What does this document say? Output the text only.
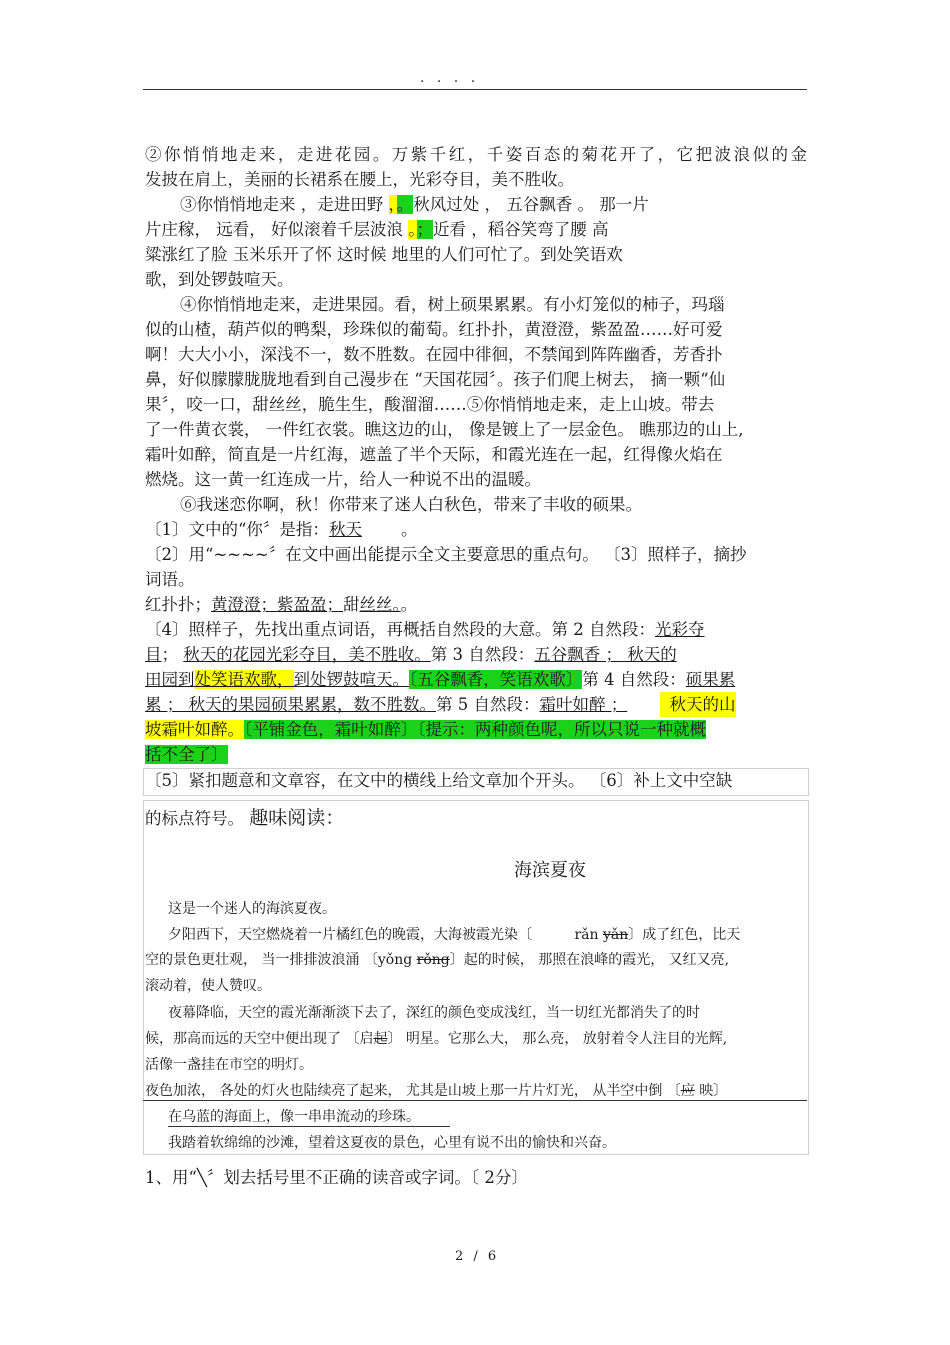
. . . .
②你悄悄地走来，走进花园。万紫千红，千姿百态的菊花开了，它把波浪似的金
发披在肩上，美丽的长裙系在腰上，光彩夺目，美不胜收。
③你悄悄地走来 ，走进田野 ，。秋风过处 ， 五谷飘香 。 那一片
片庄稼， 远看， 好似滚着千层波浪 。；近看 ，稻谷笑弯了腰 高
粱涨红了脸 玉米乐开了怀 这时候 地里的人们可忙了。到处笑语欢
歌，到处锣鼓喧天。
④你悄悄地走来，走进果园。看，树上硕果累累。有小灯笼似的柿子，玛瑙
似的山楂，葫芦似的鸭梨，珍珠似的葡萄。红扑扑，黄澄澄，紫盈盈……好可爱
啊！大大小小，深浅不一，数不胜数。在园中徘徊，不禁闻到阵阵幽香，芳香扑
鼻，好似朦朦胧胧地看到自己漫步在 “天国花园〞。孩子们爬上树去， 摘一颗“仙
果〞，咬一口，甜丝丝，脆生生，酸溜溜……⑤你悄悄地走来，走上山坡。带去
了一件黄衣裳， 一件红衣裳。瞧这边的山， 像是镀上了一层金色。 瞧那边的山上,
霜叶如醉，简直是一片红海，遮盖了半个天际，和霞光连在一起，红得像火焰在
燃烧。这一黄一红连成一片，给人一种说不出的温暖。
⑥我迷恋你啊，秋！你带来了迷人白秋色，带来了丰收的硕果。
〔1〕文中的“你〞是指：秋天 。
〔2〕用“~~~~〞在文中画出能提示全文主要意思的重点句。 〔3〕照样子，摘抄
词语。
红扑扑；黄澄澄；紫盈盈；甜丝丝。。
〔4〕照样子，先找出重点词语，再概括自然段的大意。第 2 自然段：光彩夺
目； 秋天的花园光彩夺目，美不胜收。第 3 自然段：五谷飘香 ； 秋天的
田园到处笑语欢歌，到处锣鼓喧天。〔五谷飘香，笑语欢歌〕第 4 自然段：硕果累
累 ； 秋天的果园硕果累累，数不胜数。第 5 自然段：霜叶如醉 ；	秋天的山
坡霜叶如醉。〔平铺金色，霜叶如醉〕〔提示：两种颜色呢，所以只说一种就概
括不全了〕
〔5〕紧扣题意和文章容，在文中的横线上给文章加个开头。 〔6〕补上文中空缺
的标点符号。 趣味阅读：
海滨夏夜
这是一个迷人的海滨夏夜。
夕阳西下，天空燃烧着一片橘红色的晚霞，大海被霞光染〔	rǎn yǎn〕成了红色，比天
空的景色更壮观， 当一排排波浪涌 〔yǒng rǒng〕起的时候， 那照在浪峰的霞光， 又红又亮,
滚动着，使人赞叹。
夜幕降临，天空的霞光渐渐淡下去了，深红的颜色变成浅红，当一切红光都消失了的时
候，那高而远的天空中便出现了 〔启起〕 明星。它那么大， 那么亮， 放射着令人注目的光辉,
活像一盏挂在市空的明灯。
夜色加浓， 各处的灯火也陆续亮了起来， 尤其是山坡上那一片片灯光， 从半空中倒 〔应 映〕
在乌蓝的海面上，像一串串流动的珍珠。
我踏着软绵绵的沙滩，望着这夏夜的景色，心里有说不出的愉快和兴奋。
1、用“╲〞划去括号里不正确的读音或字词。〔 2分〕
2 / 6
